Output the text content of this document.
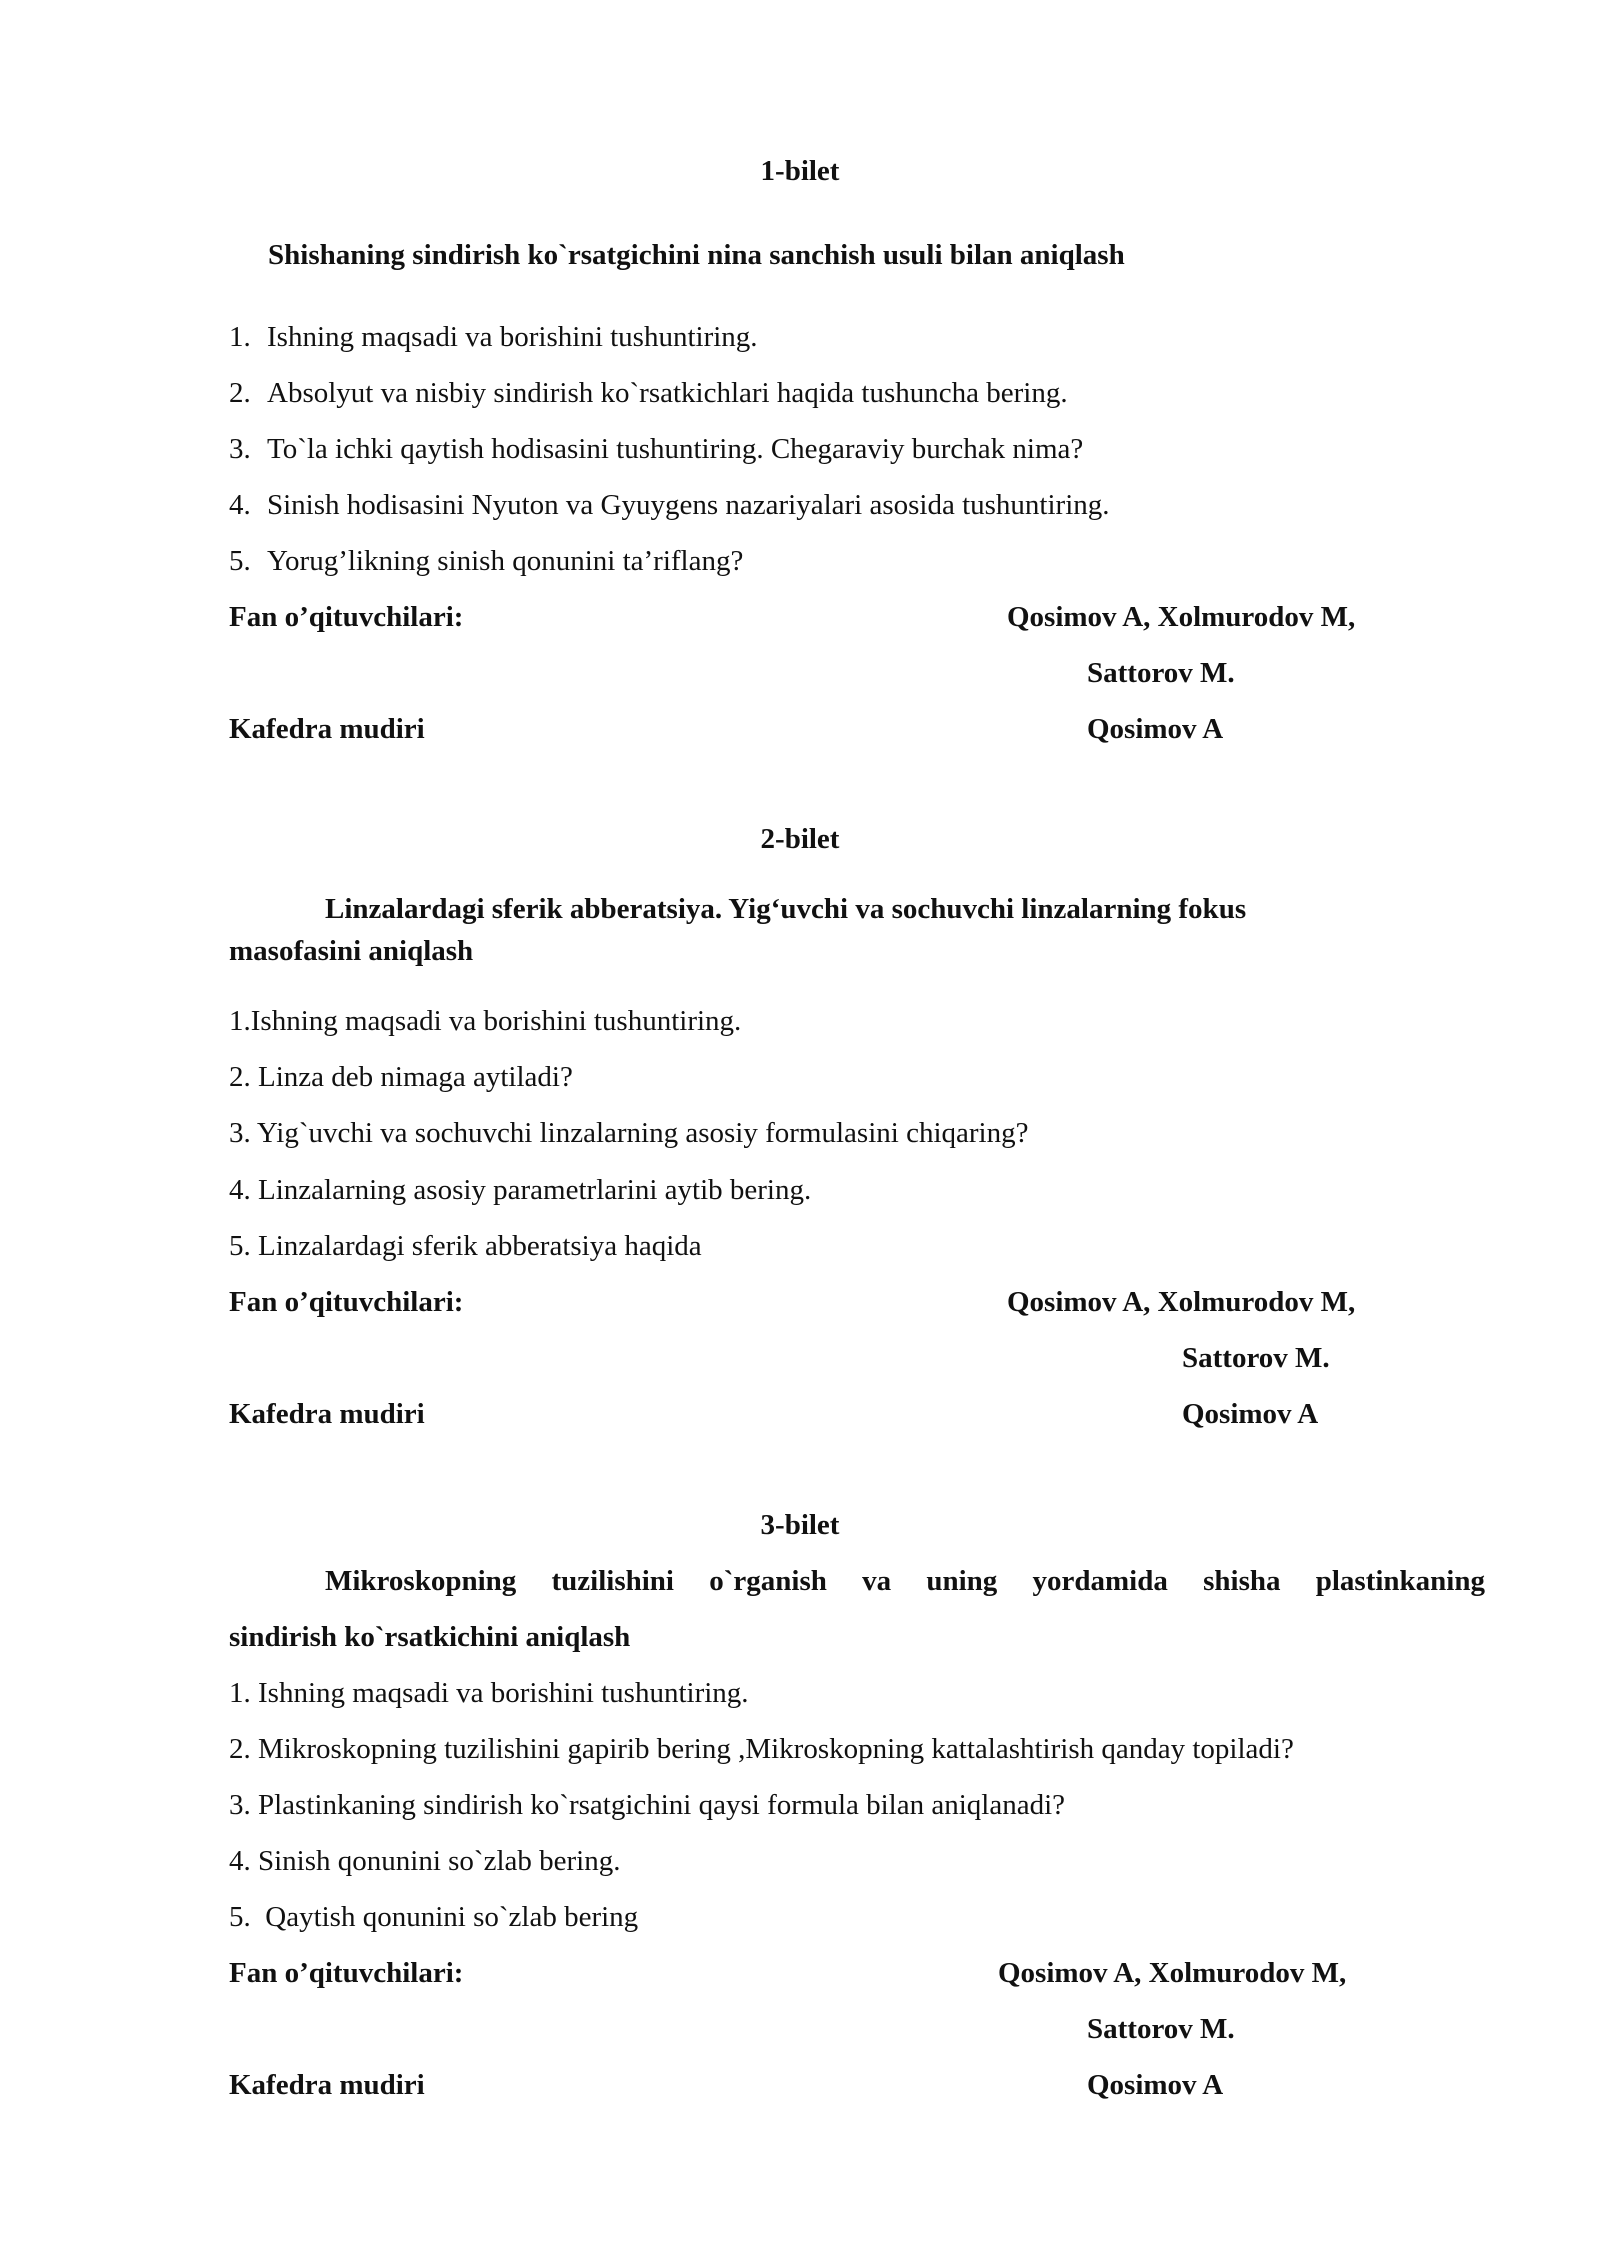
1-bilet
Shishaning sindirish ko`rsatgichini nina sanchish usuli bilan aniqlash
1. Ishning maqsadi va borishini tushuntiring.
2. Absolyut va nisbiy sindirish ko`rsatkichlari haqida tushuncha bering.
3. To`la ichki qaytish hodisasini tushuntiring. Chegaraviy burchak nima?
4. Sinish hodisasini Nyuton va Gyuygens nazariyalari asosida tushuntiring.
5. Yorug’likning sinish qonunini ta’riflang?
Fan o’qituvchilari:	Qosimov A, Xolmurodov M,
Sattorov M.
Kafedra mudiri	Qosimov A
2-bilet
Linzalardagi sferik abberatsiya. Yig‘uvchi va sochuvchi linzalarning fokus
masofasini aniqlash
1.Ishning maqsadi va borishini tushuntiring.
2. Linza deb nimaga aytiladi?
3. Yig`uvchi va sochuvchi linzalarning asosiy formulasini chiqaring?
4. Linzalarning asosiy parametrlarini aytib bering.
5. Linzalardagi sferik abberatsiya haqida
Fan o’qituvchilari:	Qosimov A, Xolmurodov M,
Sattorov M.
Kafedra mudiri	Qosimov A
3-bilet
Mikroskopning tuzilishini o`rganish va uning yordamida shisha plastinkaning
sindirish ko`rsatkichini aniqlash
1. Ishning maqsadi va borishini tushuntiring.
2. Mikroskopning tuzilishini gapirib bering ,Mikroskopning kattalashtirish qanday topiladi?
3. Plastinkaning sindirish ko`rsatgichini qaysi formula bilan aniqlanadi?
4. Sinish qonunini so`zlab bering.
5.  Qaytish qonunini so`zlab bering
Fan o’qituvchilari:	Qosimov A, Xolmurodov M,
Sattorov M.
Kafedra mudiri	Qosimov A
